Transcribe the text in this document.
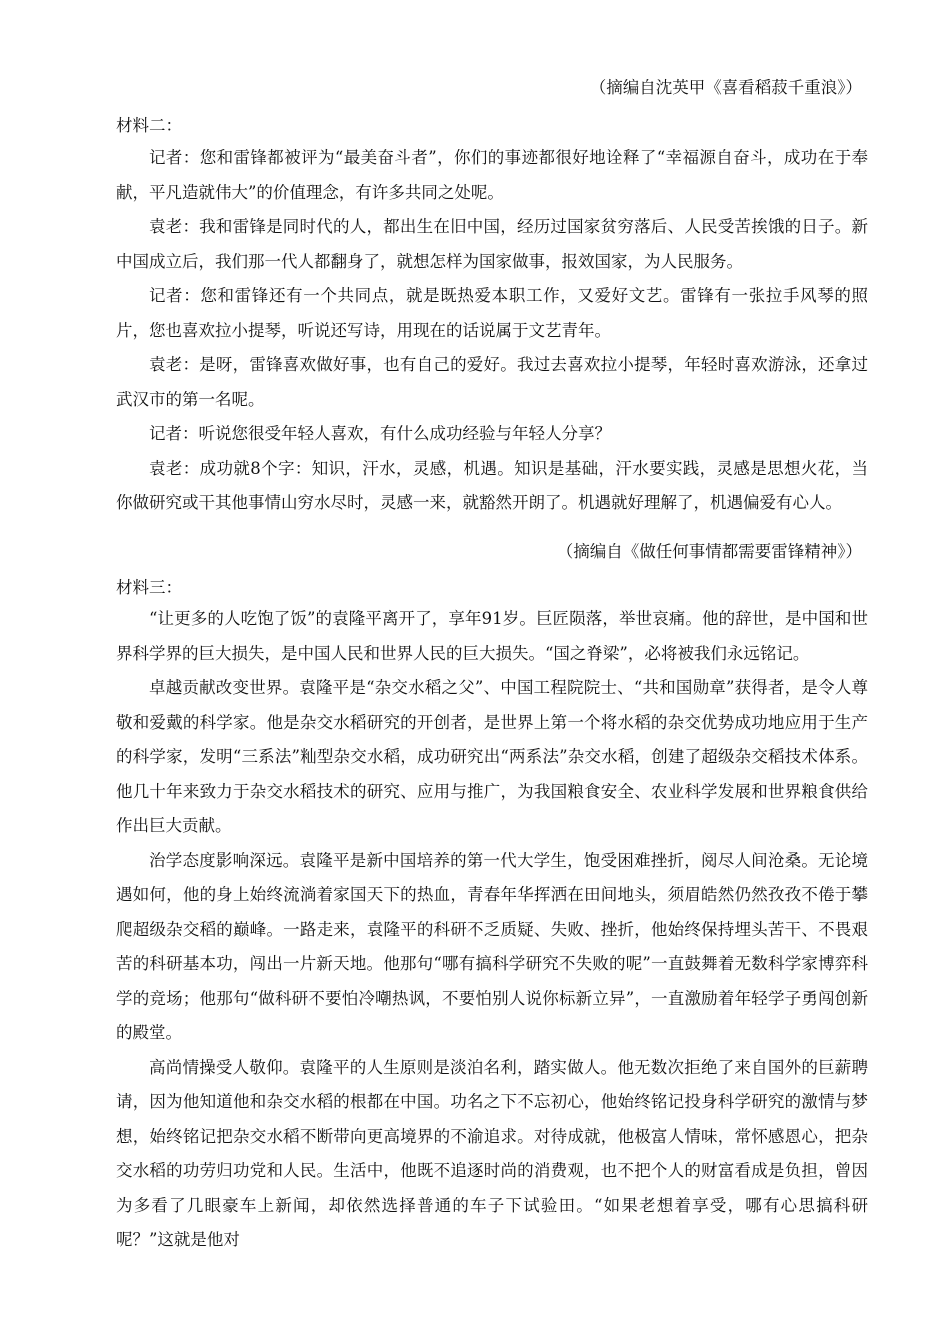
（摘编自沈英甲《喜看稻菽千重浪》）
材料二：

记者：您和雷锋都被评为“最美奋斗者”，你们的事迹都很好地诠释了“幸福源自奋斗，成功在于奉献，平凡造就伟大”的价值理念，有许多共同之处呢。

袁老：我和雷锋是同时代的人，都出生在旧中国，经历过国家贫穷落后、人民受苦挨饿的日子。新中国成立后，我们那一代人都翻身了，就想怎样为国家做事，报效国家，为人民服务。

记者：您和雷锋还有一个共同点，就是既热爱本职工作，又爱好文艺。雷锋有一张拉手风琴的照片，您也喜欢拉小提琴，听说还写诗，用现在的话说属于文艺青年。

袁老：是呀，雷锋喜欢做好事，也有自己的爱好。我过去喜欢拉小提琴，年轻时喜欢游泳，还拿过武汉市的第一名呢。

记者：听说您很受年轻人喜欢，有什么成功经验与年轻人分享？

袁老：成功就8个字：知识，汗水，灵感，机遇。知识是基础，汗水要实践，灵感是思想火花，当你做研究或干其他事情山穷水尽时，灵感一来，就豁然开朗了。机遇就好理解了，机遇偏爱有心人。

（摘编自《做任何事情都需要雷锋精神》）
材料三：

“让更多的人吃饱了饭”的袁隆平离开了，享年91岁。巨匠陨落，举世哀痛。他的辞世，是中国和世界科学界的巨大损失，是中国人民和世界人民的巨大损失。“国之脊梁”，必将被我们永远铭记。

卓越贡献改变世界。袁隆平是“杂交水稻之父”、中国工程院院士、“共和国勋章”获得者，是令人尊敬和爱戴的科学家。他是杂交水稻研究的开创者，是世界上第一个将水稻的杂交优势成功地应用于生产的科学家，发明“三系法”籼型杂交水稻，成功研究出“两系法”杂交水稻，创建了超级杂交稻技术体系。他几十年来致力于杂交水稻技术的研究、应用与推广，为我国粮食安全、农业科学发展和世界粮食供给作出巨大贡献。

治学态度影响深远。袁隆平是新中国培养的第一代大学生，饱受困难挫折，阅尽人间沧桑。无论境遇如何，他的身上始终流淌着家国天下的热血，青春年华挥洒在田间地头，须眉皓然仍然孜孜不倦于攀爬超级杂交稻的巅峰。一路走来，袁隆平的科研不乏质疑、失败、挫折，他始终保持埋头苦干、不畏艰苦的科研基本功，闯出一片新天地。他那句“哪有搞科学研究不失败的呢”一直鼓舞着无数科学家博弈科学的竞场；他那句“做科研不要怕冷嘲热讽，不要怕别人说你标新立异”，一直激励着年轻学子勇闯创新的殿堂。

高尚情操受人敬仰。袁隆平的人生原则是淡泊名利，踏实做人。他无数次拒绝了来自国外的巨薪聘请，因为他知道他和杂交水稻的根都在中国。功名之下不忘初心，他始终铭记投身科学研究的激情与梦想，始终铭记把杂交水稻不断带向更高境界的不渝追求。对待成就，他极富人情味，常怀感恩心，把杂交水稻的功劳归功党和人民。生活中，他既不追逐时尚的消费观，也不把个人的财富看成是负担，曾因为多看了几眼豪车上新闻，却依然选择普通的车子下试验田。“如果老想着享受，哪有心思搞科研呢？”这就是他对
